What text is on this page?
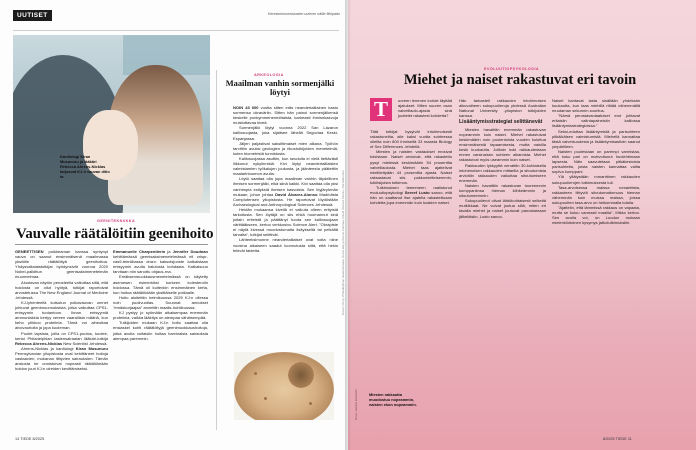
UUTISET	Kerestoinnonnistusten uutinen näille fiihipadu
Kardiologi Kiran Musunuru ja lääkäri Rebecca Ahrens-Nicklas tarjoavat KJ:n vauvan ditio ta.
GEENITEKNIIKKA
Vauvalle räätälöitiin geenihoito

GENEETTISEN poikkeaman kanssa syntynyt vauva on saanut ensimmäisenä maailmassa yksilölle räätälöityä geenihoitoa. Yhdysvaltalaistutkijat hyödynsivät vuonna 2020 Nobel-palkittun geenisaksimenetelmän muunnelmaa.

Aluotavan näytön perusteella vaikuttaa siltä, että hoidosta on ollut hyötyä, tutkijat raportoivat arvostetussa The New England Journal of Medicine -lehdessä.

KJ-lyhenteellä kutsutun poikavauvan omnet johtuvat geenimuunnoksista, jotka vaikuttaa CPS1-entsyymin tuotantoon. Ilman entsyymiä ammoniakkia kertyy vereen vaarallisia määriä, kun keho pilkkoo proteiinia. Tämä voi aiheuttaa aivovaurioita ja jopa kuoleman.

Puolet lapsista, joilla on CPS1-puutos, kuolee, kertoi Philadelphian lastensairaalan lääkäri-tutkija Rebecca Ahrens-Nicklas New Scientist -lehdessä.

Ahrens-Nicklas ja kardiologi Kiran Musunuru Pennsylvanian yliopistosta ovat kehittäneet hoitoja vastaavien, mukanan liittyvien sairauksien. Tämän ansiosta he onnistuivat nopeasti räätälöimään hoidon juuri KJ:n oireiden kevittämiseksi.

Emmanuelle Charpentierin ja Jennifer Doudnan kehittämässä geenisaksimenetelmässä eli crispr-cas9-tekniikassa dna:n kaksoisjuoste katkaistaan entsyymin avulla halutusta kohdasta. Katkaisuun tarvitaan niin sanottu ohjaus-rna.

Emäksenmuokkausmenetelmässä on käytetty asemesen esimerkiksi korkeen kolesterolin hoidossa. Tämä oli kuitenkin ensimmäinen kerta, kun hoitoa räätälöidään yksittäiselle potilaalle.

Hoito aloitettiin helmikuussa 2025 KJ:n ollessa noin puolivuotias. Suunnat annokset "emäskorjaajaa" annettiin maalis-huhtikuussa.

KJ pystyy jo syömään aikaisempaa enemmän proteiinia, vaikka lääkitys on aiempaa vähäisempää.

Tutkijoiden mukaan KJ:n hoito saattaa olla ensiaskel kohti räätälöityjä geenimuokkaushoitoja, jotka avulla voitaisiin hoitaa harvinaisia sairauksia aiempaa paremmin.

ARKEOLOGIA
Maailman vanhin sormenjälki löytyi

NOIN 43 000 vuotta sitten eräs neandertalilainen kasto sormensa okraväriin. Sitten hän painoi sormenjälkensä keskelle punkymmenenmittaista, karkeasti ihmisnkasvoja muistuttavaa kiveä.

Sormenjälki löytyi vuonna 2022 San Lázaron kalliosuojasta, joka sijaitsee lähellä Segoviaa Keski-Espanjassa.

Jäljen paljastivat saksittimaiset mien alkana. Työhön tarvittiin avuksi geologien ja rikostutkijoiden menetelmiä, kuten biometristä tunnistusta.

Kalliosuojassa asuttiin, kun seudulla ei vielä tiettävästi liikkunut nykyihmisiä. Kivi löytyi neandertalilaisten valmistamien työkalujen joukosta, ja jäänteesta päätettiin maalarintuomon avulla.

Löytö saattaa olla jopa maailman vanhin täydellinen ihmisen sormenjälki, eikä siinä kaikki. Kivi saattaa olla yksi vanhimpia esityksiä ihmisen kasvoista. Sen löyjäryhmän mukaan, johon johtaa David Álvarez-Alonso Madridista Complutensen yliopistosta. He raportoivat löydöstään Archaeological and Anthropological Sciences -lehdessä.

Heidän mukaansa kivellä ei vaikuta olleen erityistä tarkoitusta. Sen löytäjä on siis ehkä huomannut sinä joitain eriteistä ja päättänyt tuoda sen kalliosuojaan värittääkseen, kertoo verkkosivu Science Alert. "Okrapiste ei näytä kivessä muodostumalta lisäykseltä tai pelkältä tahralta", tutkijat selittivät.

Lähteeksimunne neandertalilaiset ovat voita niine vuosina aikaiseen saadut luonnutusta siitä, että hekin tekivät taidetta.	Kuvat: Chop, Philadelphian lastensairaala. Kuvat alla ja Kauno Arlomaa, David Álvarez Alonso, Ota Mahonen
14 TIEDE 8/2025
Miesten rakkautta muodostuu nopeammin, naisten ekon nopeammin.
Kuva: Juliana Kiviniemi
8/2025 TIEDE 11
EVOLUUTIOPSYKOLOGIA
Miehet ja naiset rakastuvat eri tavoin
T	uoreen lemmen kohde täyttää ajatukset. Miten suuren osan valveillaolo-ajasta sinä juuttelet rakastesi kohdetta?

Tätä tutkijat kysyivät intohimoisesti rakastuneilta, alle kaksi vuotta suhteessa olleilta noin 800 ihmiseltä 33 maasta Biology of Sex Differences -lehdellä.

Miesten ja naisten vastaukset erosivat toisistaan. Naiset arvioivat, että rakastettu pysyi mielessä keskimäärin 54 prosenttia valveillaolosta. Miehet taas ajattelivat mielitiettyään 44 prosenttia ajasta. Naiset raksastavat siis pakkomielteisemmin, tulkitsijoista tutkimus.

Tutkimuksen teemmeen raalistunut evoluutiopsykologi Sereef Lusto sanoo, että hän on saattanut itse ajatella rakastettuaan kohdetta jopa enemmän kuin koskien naiset.

Hän tarkasteli rakkauden intohimoisen alkuvaiheen sukupuolieroja yhdessä Australian National University -yliopiston tutkijoiden kanssa.

Lisääntymisstrategiat selittänevät

Miesten havaittiin enemmän rakastuvan nopeammin kuin naiset. Miehet rakastuivat keskimäärin noin puolentoista vuoden kuluttua ensimmäisestä tapaamisesta, mutta naisilla keski kuukautta. Joiltain koki rakkaudestaan ennen varsinaisen suhteen alkamista. Miehet rakastuivat myös useammin kuin naiset.

Rakkauden lykkyyttä verrattiin 30-kohtaisella intohimoisen rakkauden mittarilla ja sitoutumista arvioitiin rakkauden vaikuttaa sitoutumiseen enemmän.

Naisten havaittiin rakastuvan tuoreemmin kumppaniinsa hieman kiihkeämmin ja sitoutuneemmin.

Sukupuolierot olivat lähtökohtaisesti selkeitä mutkikkaat. Ne voivat joutua sillä, miten eri tavalla miehet ja naiset joutuvat panostamaan jälkeläisiin, Lusto sanoo.

Naiset kantavat lasta sisällään yhdeksän kuukautta, kun taas miehillä riittää vähemmällä muutaman sekunnin suoritus.

"Nämä perustavanlaatuiset erot johtavat erilaisiin valintapaineisiin kalliossa lisääntymisstrategioissa."

Seksi-eduttaa lisääntymistä ja parisuhteen pitkäikäisen valmistumistä. Miehellä kannattaa tästä valveisuudesta ja lisääntymisastioin saanut ympärilleen.

Naisten puolestaan on parempi varmistaa, että koko pari on motivoitunut huolehtimaan lapsesta. Näin saavutetaan pitkäkestoisia parisuhteita, joista naisten kannattaa valita sopiva kumppani.

Ylä yllätystään romanttinen rakkauden sukupuolierojen tutkimuksesta tuli.

Tasa-arvoisessa maissa romanttista, rakkauteen liittyviä sitoutumattomuus hieman vähemmän kuin muissa maissa, joissa sukupuolten tasa-arvo on heikommalla tolalla.

"Ajattelin, että lämmissä rakkaus on vapaata, mutta se kuluu varmasti maailla", Mikko kertoo. Sen avulla voi, on Luodon mukaan mielenkiintoinen kysymys jatkotutkimuksille.
